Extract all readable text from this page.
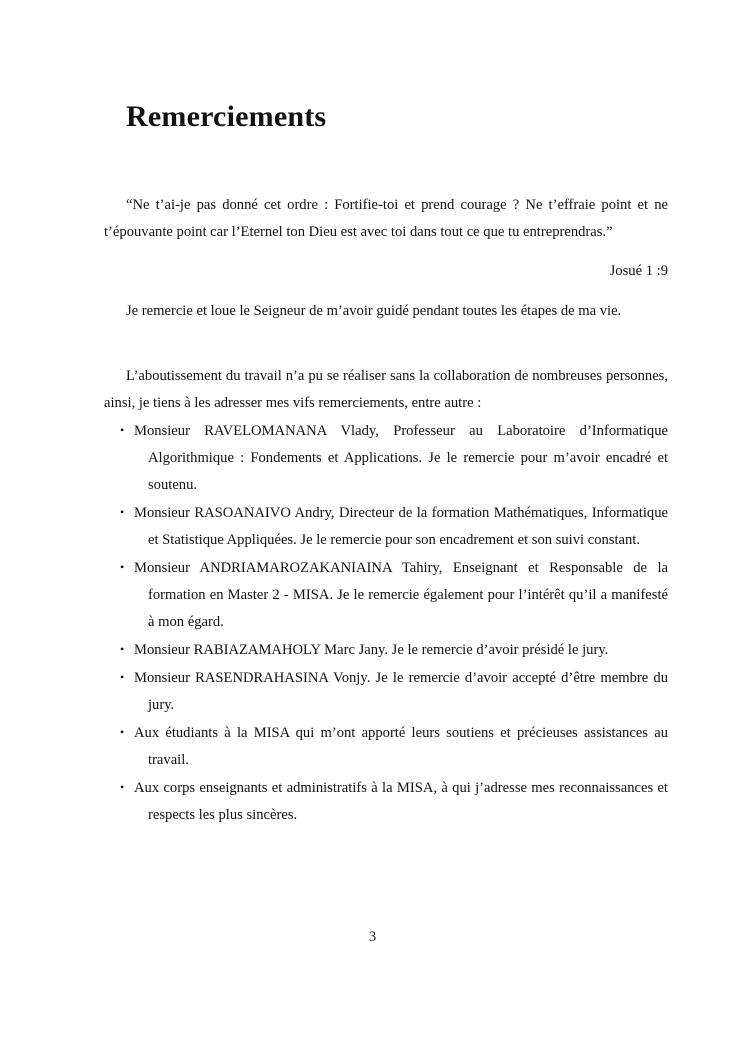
Remerciements

“Ne t’ai-je pas donné cet ordre : Fortifie-toi et prend courage ? Ne t’effraie point et ne t’épouvante point car l’Eternel ton Dieu est avec toi dans tout ce que tu entreprendras.”

Josué 1 :9

Je remercie et loue le Seigneur de m’avoir guidé pendant toutes les étapes de ma vie.

L’aboutissement du travail n’a pu se réaliser sans la collaboration de nombreuses personnes, ainsi, je tiens à les adresser mes vifs remerciements, entre autre :

• Monsieur RAVELOMANANA Vlady, Professeur au Laboratoire d’Informatique Algorithmique : Fondements et Applications. Je le remercie pour m’avoir encadré et soutenu.
• Monsieur RASOANAIVO Andry, Directeur de la formation Mathématiques, Informatique et Statistique Appliquées. Je le remercie pour son encadrement et son suivi constant.
• Monsieur ANDRIAMAROZAKANIAINA Tahiry, Enseignant et Responsable de la formation en Master 2 - MISA. Je le remercie également pour l’intérêt qu’il a manifesté à mon égard.
• Monsieur RABIAZAMAHOLY Marc Jany. Je le remercie d’avoir présidé le jury.
• Monsieur RASENDRAHASINA Vonjy. Je le remercie d’avoir accepté d’être membre du jury.
• Aux étudiants à la MISA qui m’ont apporté leurs soutiens et précieuses assistances au travail.
• Aux corps enseignants et administratifs à la MISA, à qui j’adresse mes reconnaissances et respects les plus sincères.

3
